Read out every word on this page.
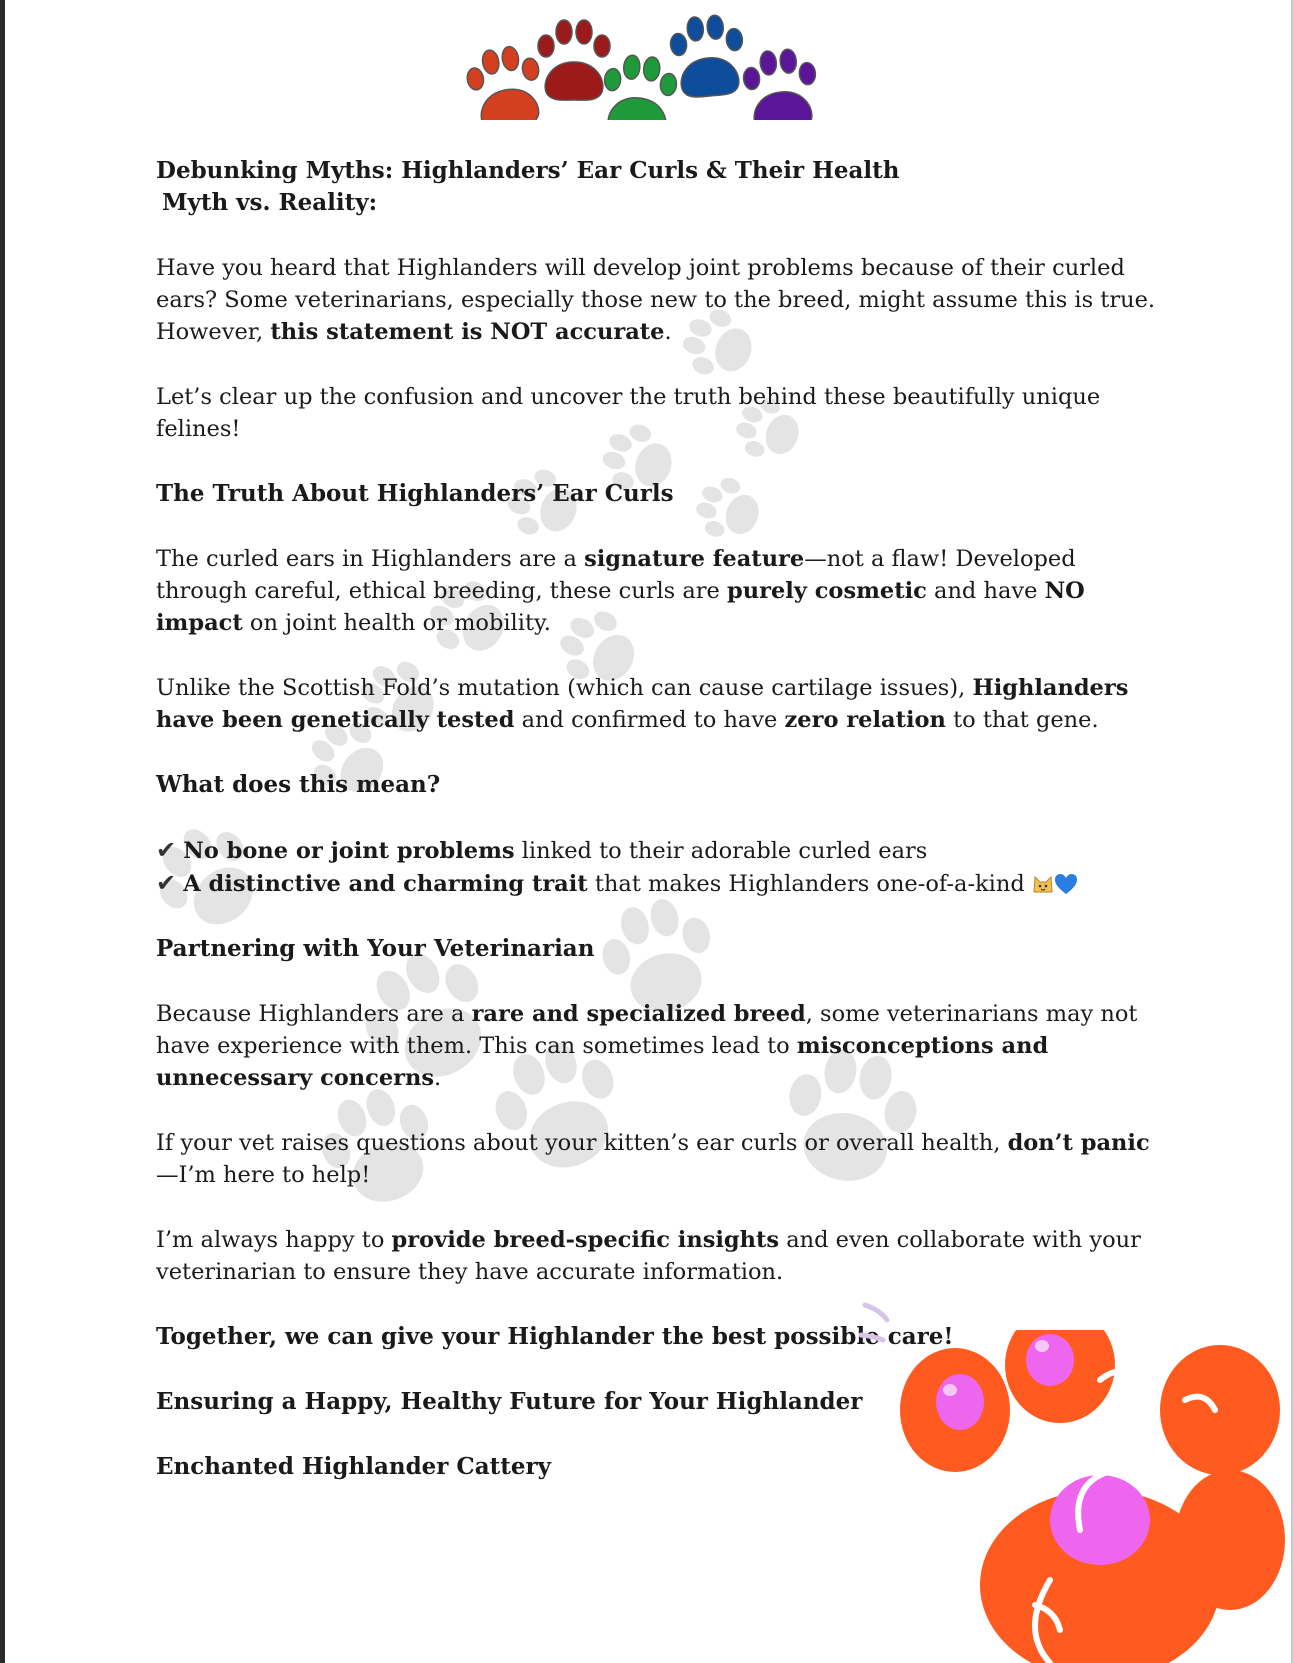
Debunking Myths: Highlanders’ Ear Curls & Their Health

Myth vs. Reality:

Have you heard that Highlanders will develop joint problems because of their curled ears? Some veterinarians, especially those new to the breed, might assume this is true. However, this statement is NOT accurate.

Let’s clear up the confusion and uncover the truth behind these beautifully unique felines!

The Truth About Highlanders’ Ear Curls

The curled ears in Highlanders are a signature feature—not a flaw! Developed through careful, ethical breeding, these curls are purely cosmetic and have NO impact on joint health or mobility.

Unlike the Scottish Fold’s mutation (which can cause cartilage issues), Highlanders have been genetically tested and confirmed to have zero relation to that gene.

What does this mean?

✔ No bone or joint problems linked to their adorable curled ears

✔ A distinctive and charming trait that makes Highlanders one-of-a-kind

Partnering with Your Veterinarian

Because Highlanders are a rare and specialized breed, some veterinarians may not have experience with them. This can sometimes lead to misconceptions and unnecessary concerns.

If your vet raises questions about your kitten’s ear curls or overall health, don’t panic—I’m here to help!

I’m always happy to provide breed-specific insights and even collaborate with your veterinarian to ensure they have accurate information.

Together, we can give your Highlander the best possible care!

Ensuring a Happy, Healthy Future for Your Highlander

Enchanted Highlander Cattery
